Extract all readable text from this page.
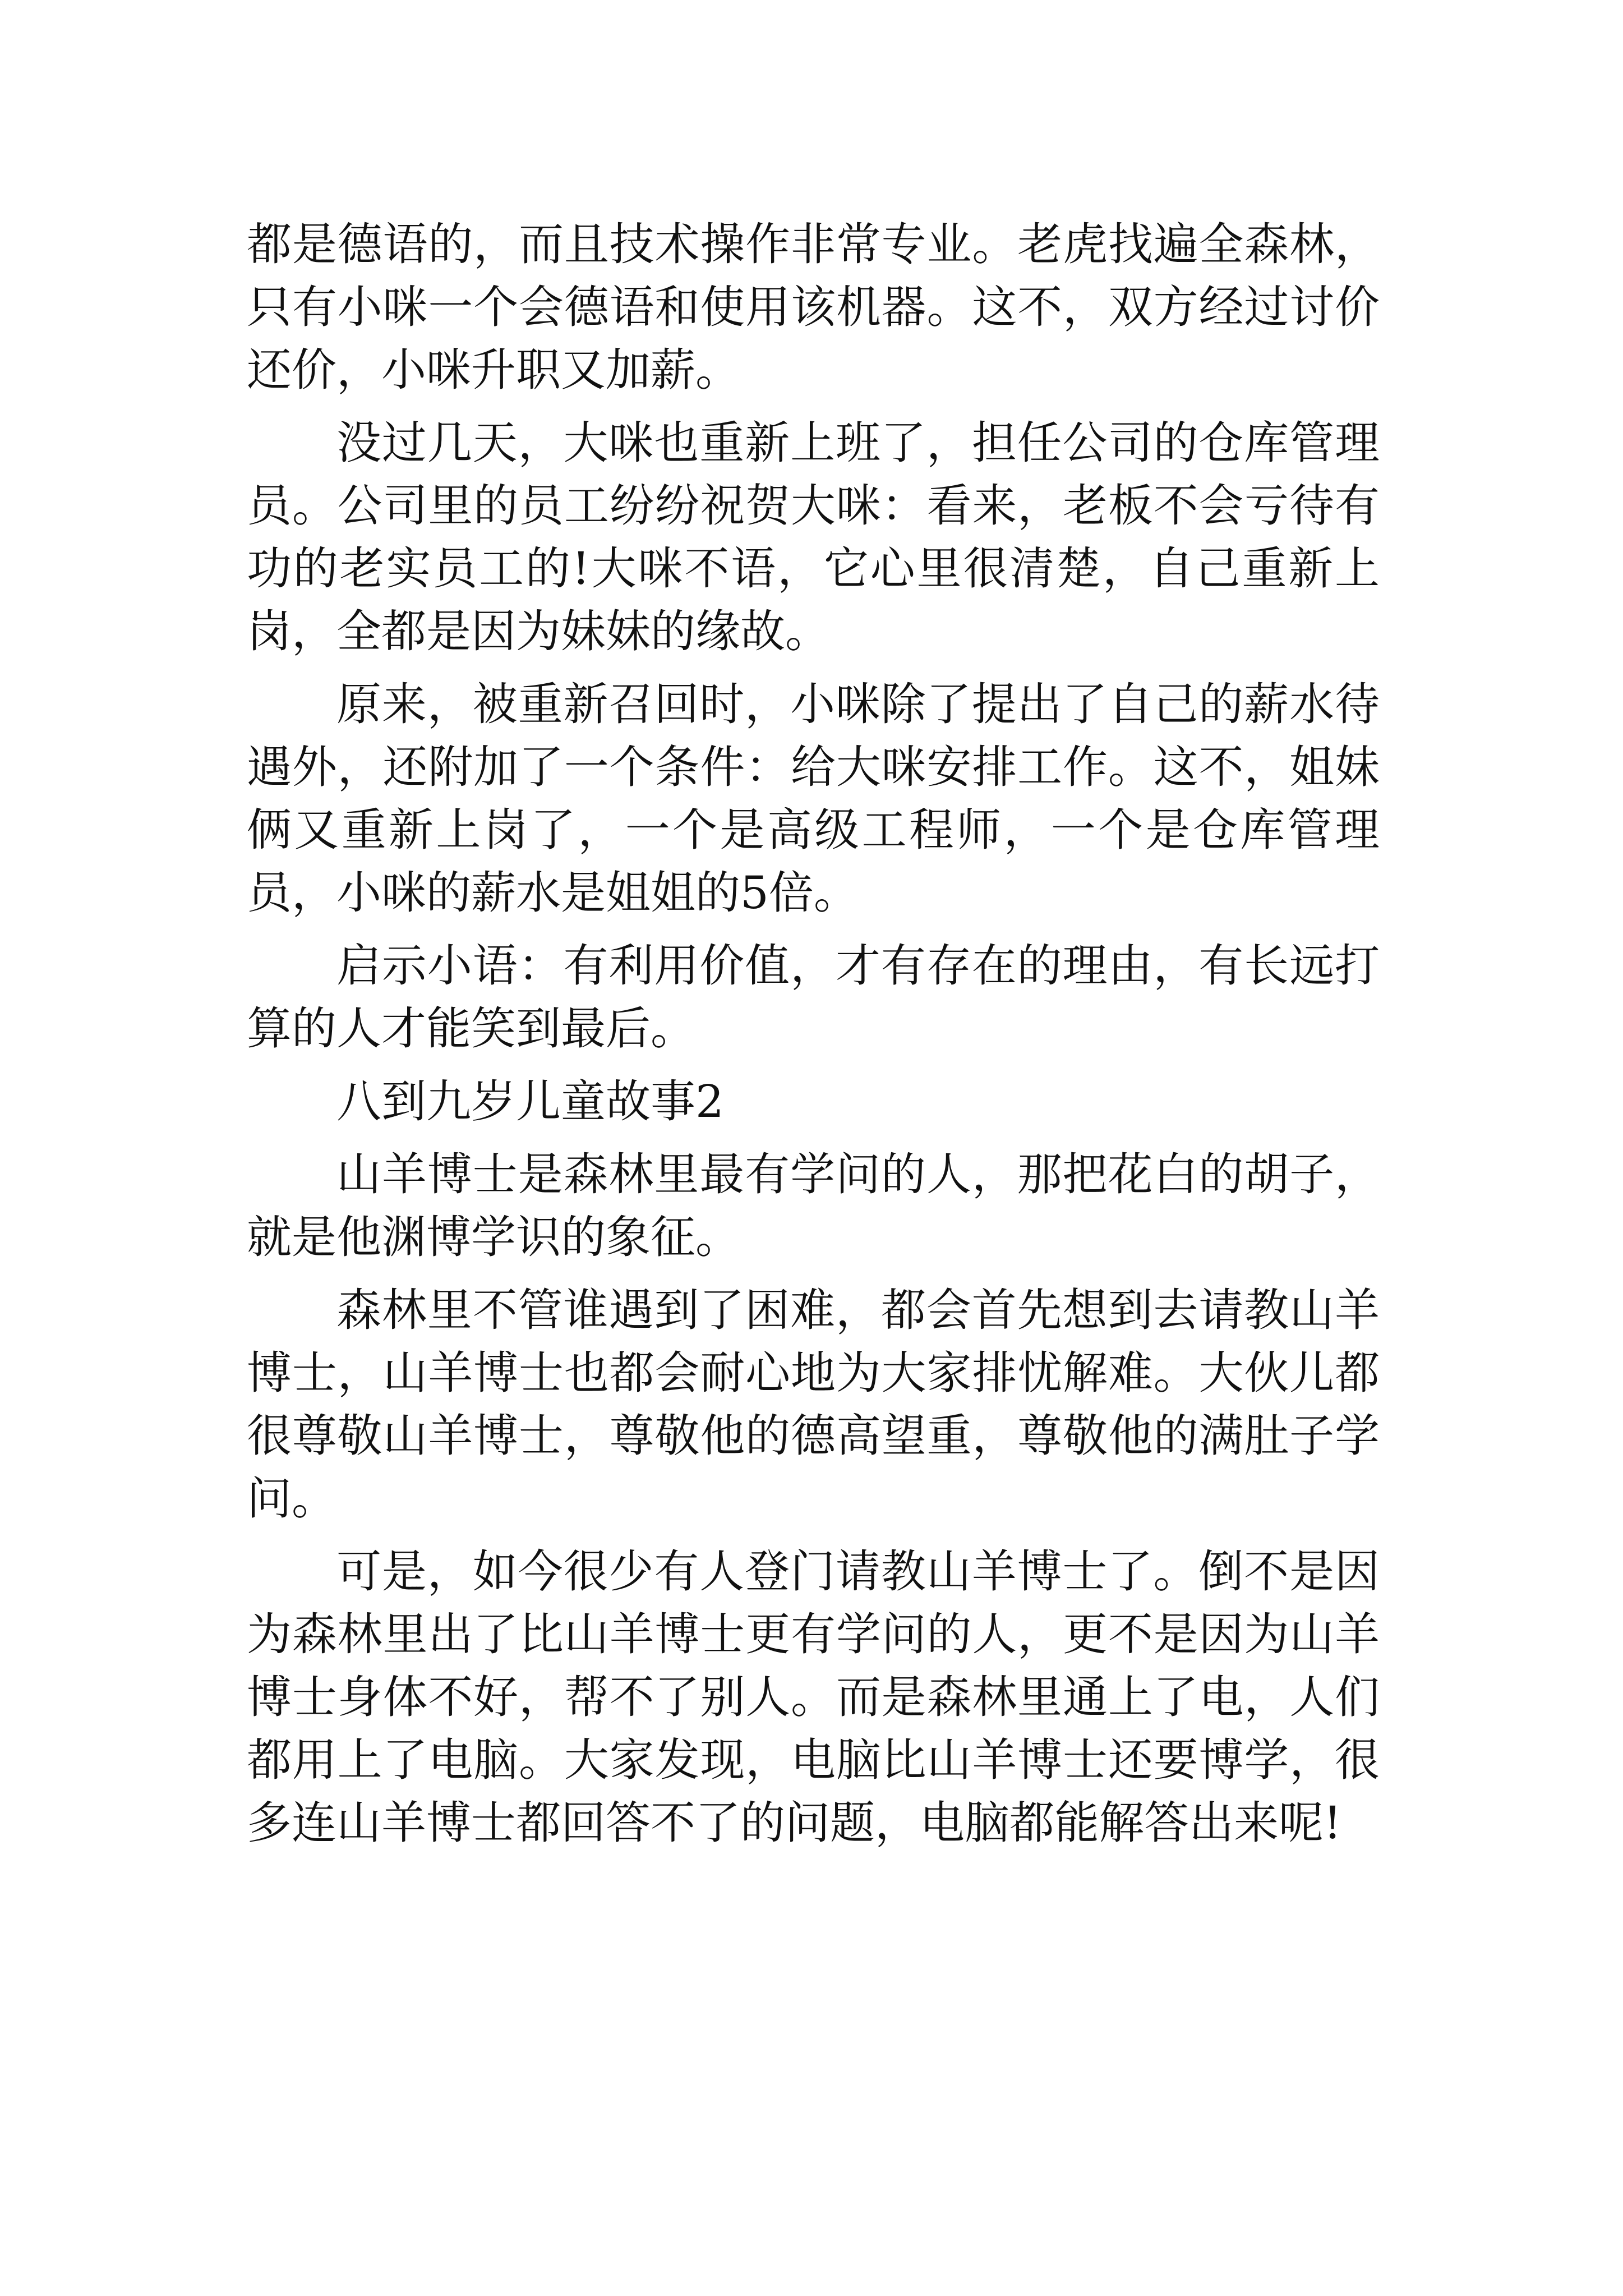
都是德语的，而且技术操作非常专业。老虎找遍全森林，只有小咪一个会德语和使用该机器。这不，双方经过讨价还价，小咪升职又加薪。

没过几天，大咪也重新上班了，担任公司的仓库管理员。公司里的员工纷纷祝贺大咪：看来，老板不会亏待有功的老实员工的!大咪不语，它心里很清楚，自己重新上岗，全都是因为妹妹的缘故。

原来，被重新召回时，小咪除了提出了自己的薪水待遇外，还附加了一个条件：给大咪安排工作。这不，姐妹俩又重新上岗了，一个是高级工程师，一个是仓库管理员，小咪的薪水是姐姐的5倍。

启示小语：有利用价值，才有存在的理由，有长远打算的人才能笑到最后。

八到九岁儿童故事2

山羊博士是森林里最有学问的人，那把花白的胡子，就是他渊博学识的象征。

森林里不管谁遇到了困难，都会首先想到去请教山羊博士，山羊博士也都会耐心地为大家排忧解难。大伙儿都很尊敬山羊博士，尊敬他的德高望重，尊敬他的满肚子学问。

可是，如今很少有人登门请教山羊博士了。倒不是因为森林里出了比山羊博士更有学问的人，更不是因为山羊博士身体不好，帮不了别人。而是森林里通上了电，人们都用上了电脑。大家发现，电脑比山羊博士还要博学，很多连山羊博士都回答不了的问题，电脑都能解答出来呢!
